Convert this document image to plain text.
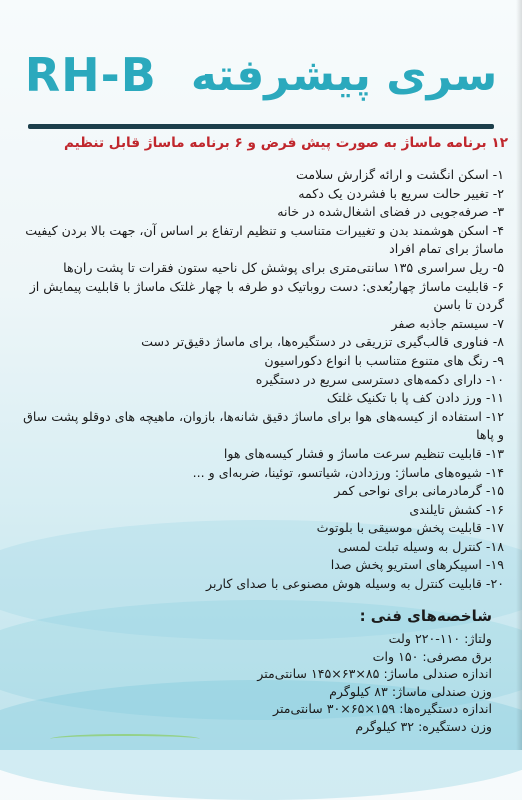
RH-B سری پیشرفته
۱۲ برنامه ماساژ به صورت پیش فرض و ۶ برنامه ماساژ قابل تنظیم
۱- اسکن انگشت و ارائه گزارش سلامت
۲- تغییر حالت سریع با فشردن یک دکمه
۳- صرفه‌جویی در فضای اشغال‌شده در خانه
۴- اسکن هوشمند بدن و تغییرات متناسب و تنظیم ارتفاع بر اساس آن، جهت بالا بردن کیفیت ماساژ برای تمام افراد
۵- ریل سراسری ۱۳۵ سانتی‌متری برای پوشش کل ناحیه ستون فقرات تا پشت ران‌ها
۶- قابلیت ماساژ چهاربُعدی: دست روباتیک دو طرفه با چهار غلتک ماساژ با قابلیت پیمایش از گردن تا باسن
۷- سیستم جاذبه صفر
۸- فناوری قالب‌گیری تزریقی در دستگیره‌ها، برای ماساژ دقیق‌تر دست
۹- رنگ های متنوع متناسب با انواع دکوراسیون
۱۰- دارای دکمه‌های دسترسی سریع در دستگیره
۱۱- ورز دادن کف پا با تکنیک غلتک
۱۲- استفاده از کیسه‌های هوا برای ماساژ دقیق شانه‌ها، بازوان، ماهیچه های دوقلو پشت ساق و پاها
۱۳- قابلیت تنظیم سرعت ماساژ و فشار کیسه‌های هوا
۱۴- شیوه‌های ماساژ: ورزدادن، شیاتسو، توئینا، ضربه‌ای و ...
۱۵- گرمادرمانی برای نواحی کمر
۱۶- کشش تایلندی
۱۷- قابلیت پخش موسیقی با بلوتوث
۱۸- کنترل به وسیله تبلت لمسی
۱۹- اسپیکرهای استریو پخش صدا
۲۰- قابلیت کنترل به وسیله هوش مصنوعی با صدای کاربر
شاخصه‌های فنی :
ولتاژ: ۱۱۰-۲۲۰ ولت
برق مصرفی: ۱۵۰ وات
اندازه صندلی ماساژ: ۸۵×۶۳×۱۴۵ سانتی‌متر
وزن صندلی ماساژ: ۸۳ کیلوگرم
اندازه دستگیره‌ها: ۱۵۹×۶۵×۳۰ سانتی‌متر
وزن دستگیره: ۳۲ کیلوگرم
